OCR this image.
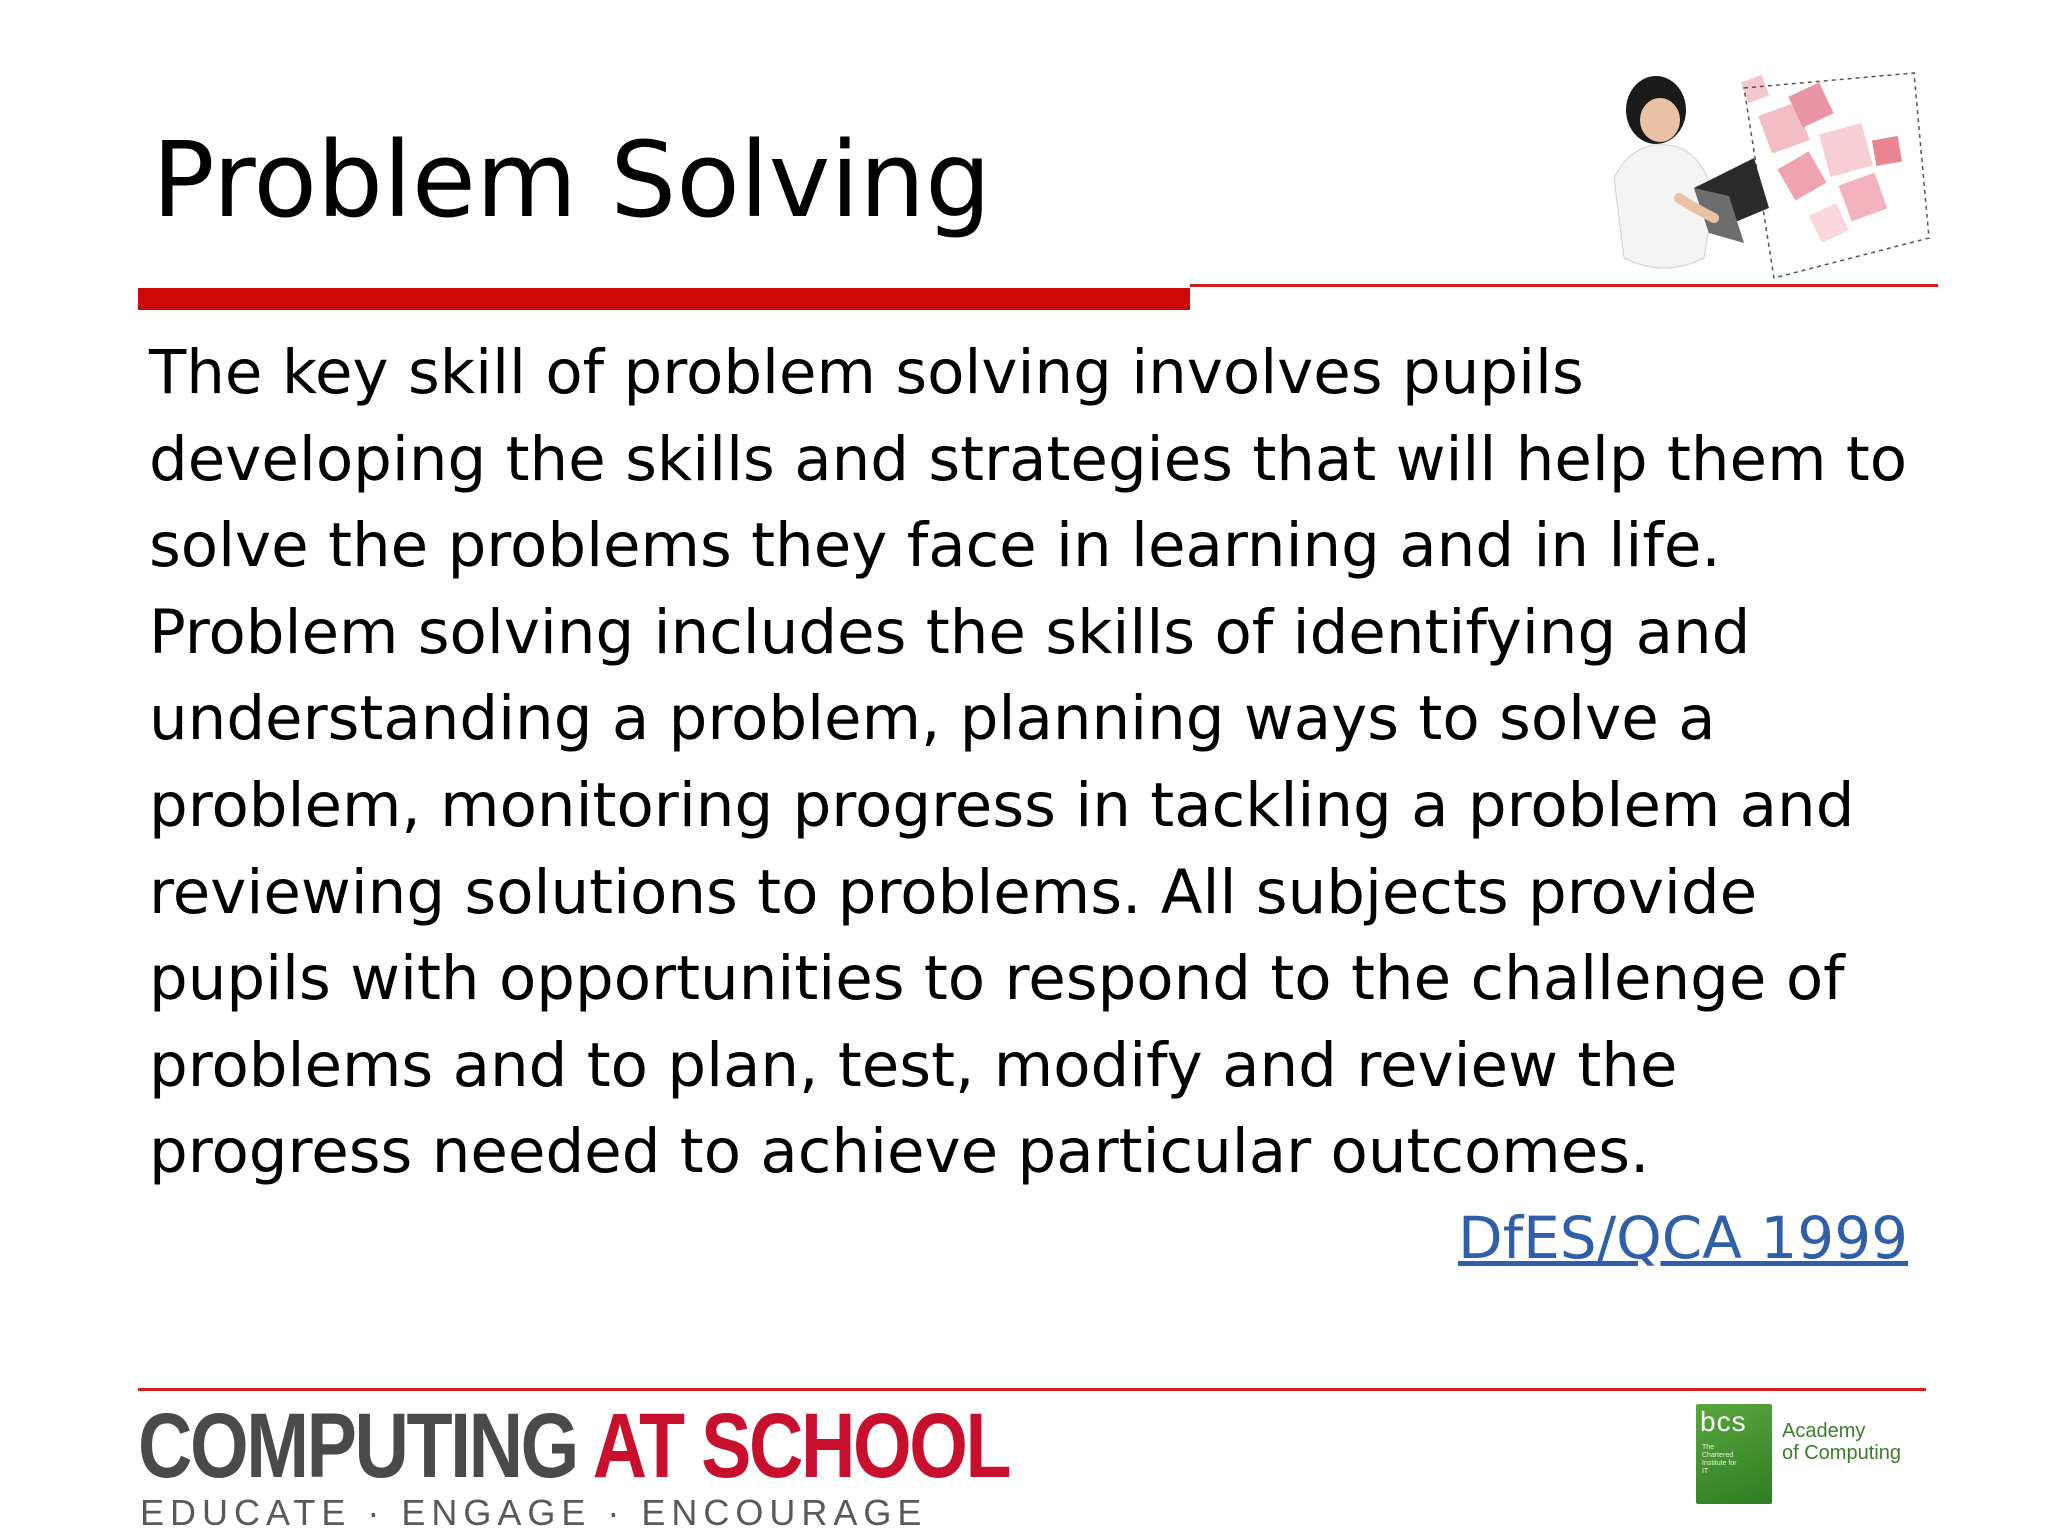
Problem Solving
The key skill of problem solving involves pupils
developing the skills and strategies that will help them to
solve the problems they face in learning and in life.
Problem solving includes the skills of identifying and
understanding a problem, planning ways to solve a
problem, monitoring progress in tackling a problem and
reviewing solutions to problems. All subjects provide
pupils with opportunities to respond to the challenge of
problems and to plan, test, modify and review the
progress needed to achieve particular outcomes.
DfES/QCA 1999
COMPUTING AT SCHOOL
EDUCATE · ENGAGE · ENCOURAGE
bcs
The Chartered Institute for IT
Academy
of Computing
